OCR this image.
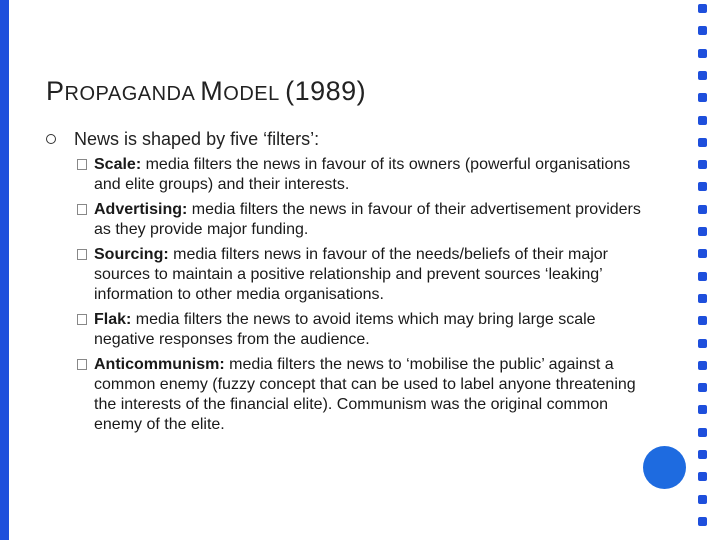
PROPAGANDA MODEL (1989)
News is shaped by five ‘filters’:
Scale: media filters the news in favour of its owners (powerful organisations and elite groups) and their interests.
Advertising: media filters the news in favour of their advertisement providers as they provide major funding.
Sourcing: media filters news in favour of the needs/beliefs of their major sources to maintain a positive relationship and prevent sources ‘leaking’ information to other media organisations.
Flak: media filters the news to avoid items which may bring large scale negative responses from the audience.
Anticommunism: media filters the news to ‘mobilise the public’ against a common enemy (fuzzy concept that can be used to label anyone threatening the interests of the financial elite). Communism was the original common enemy of the elite.
